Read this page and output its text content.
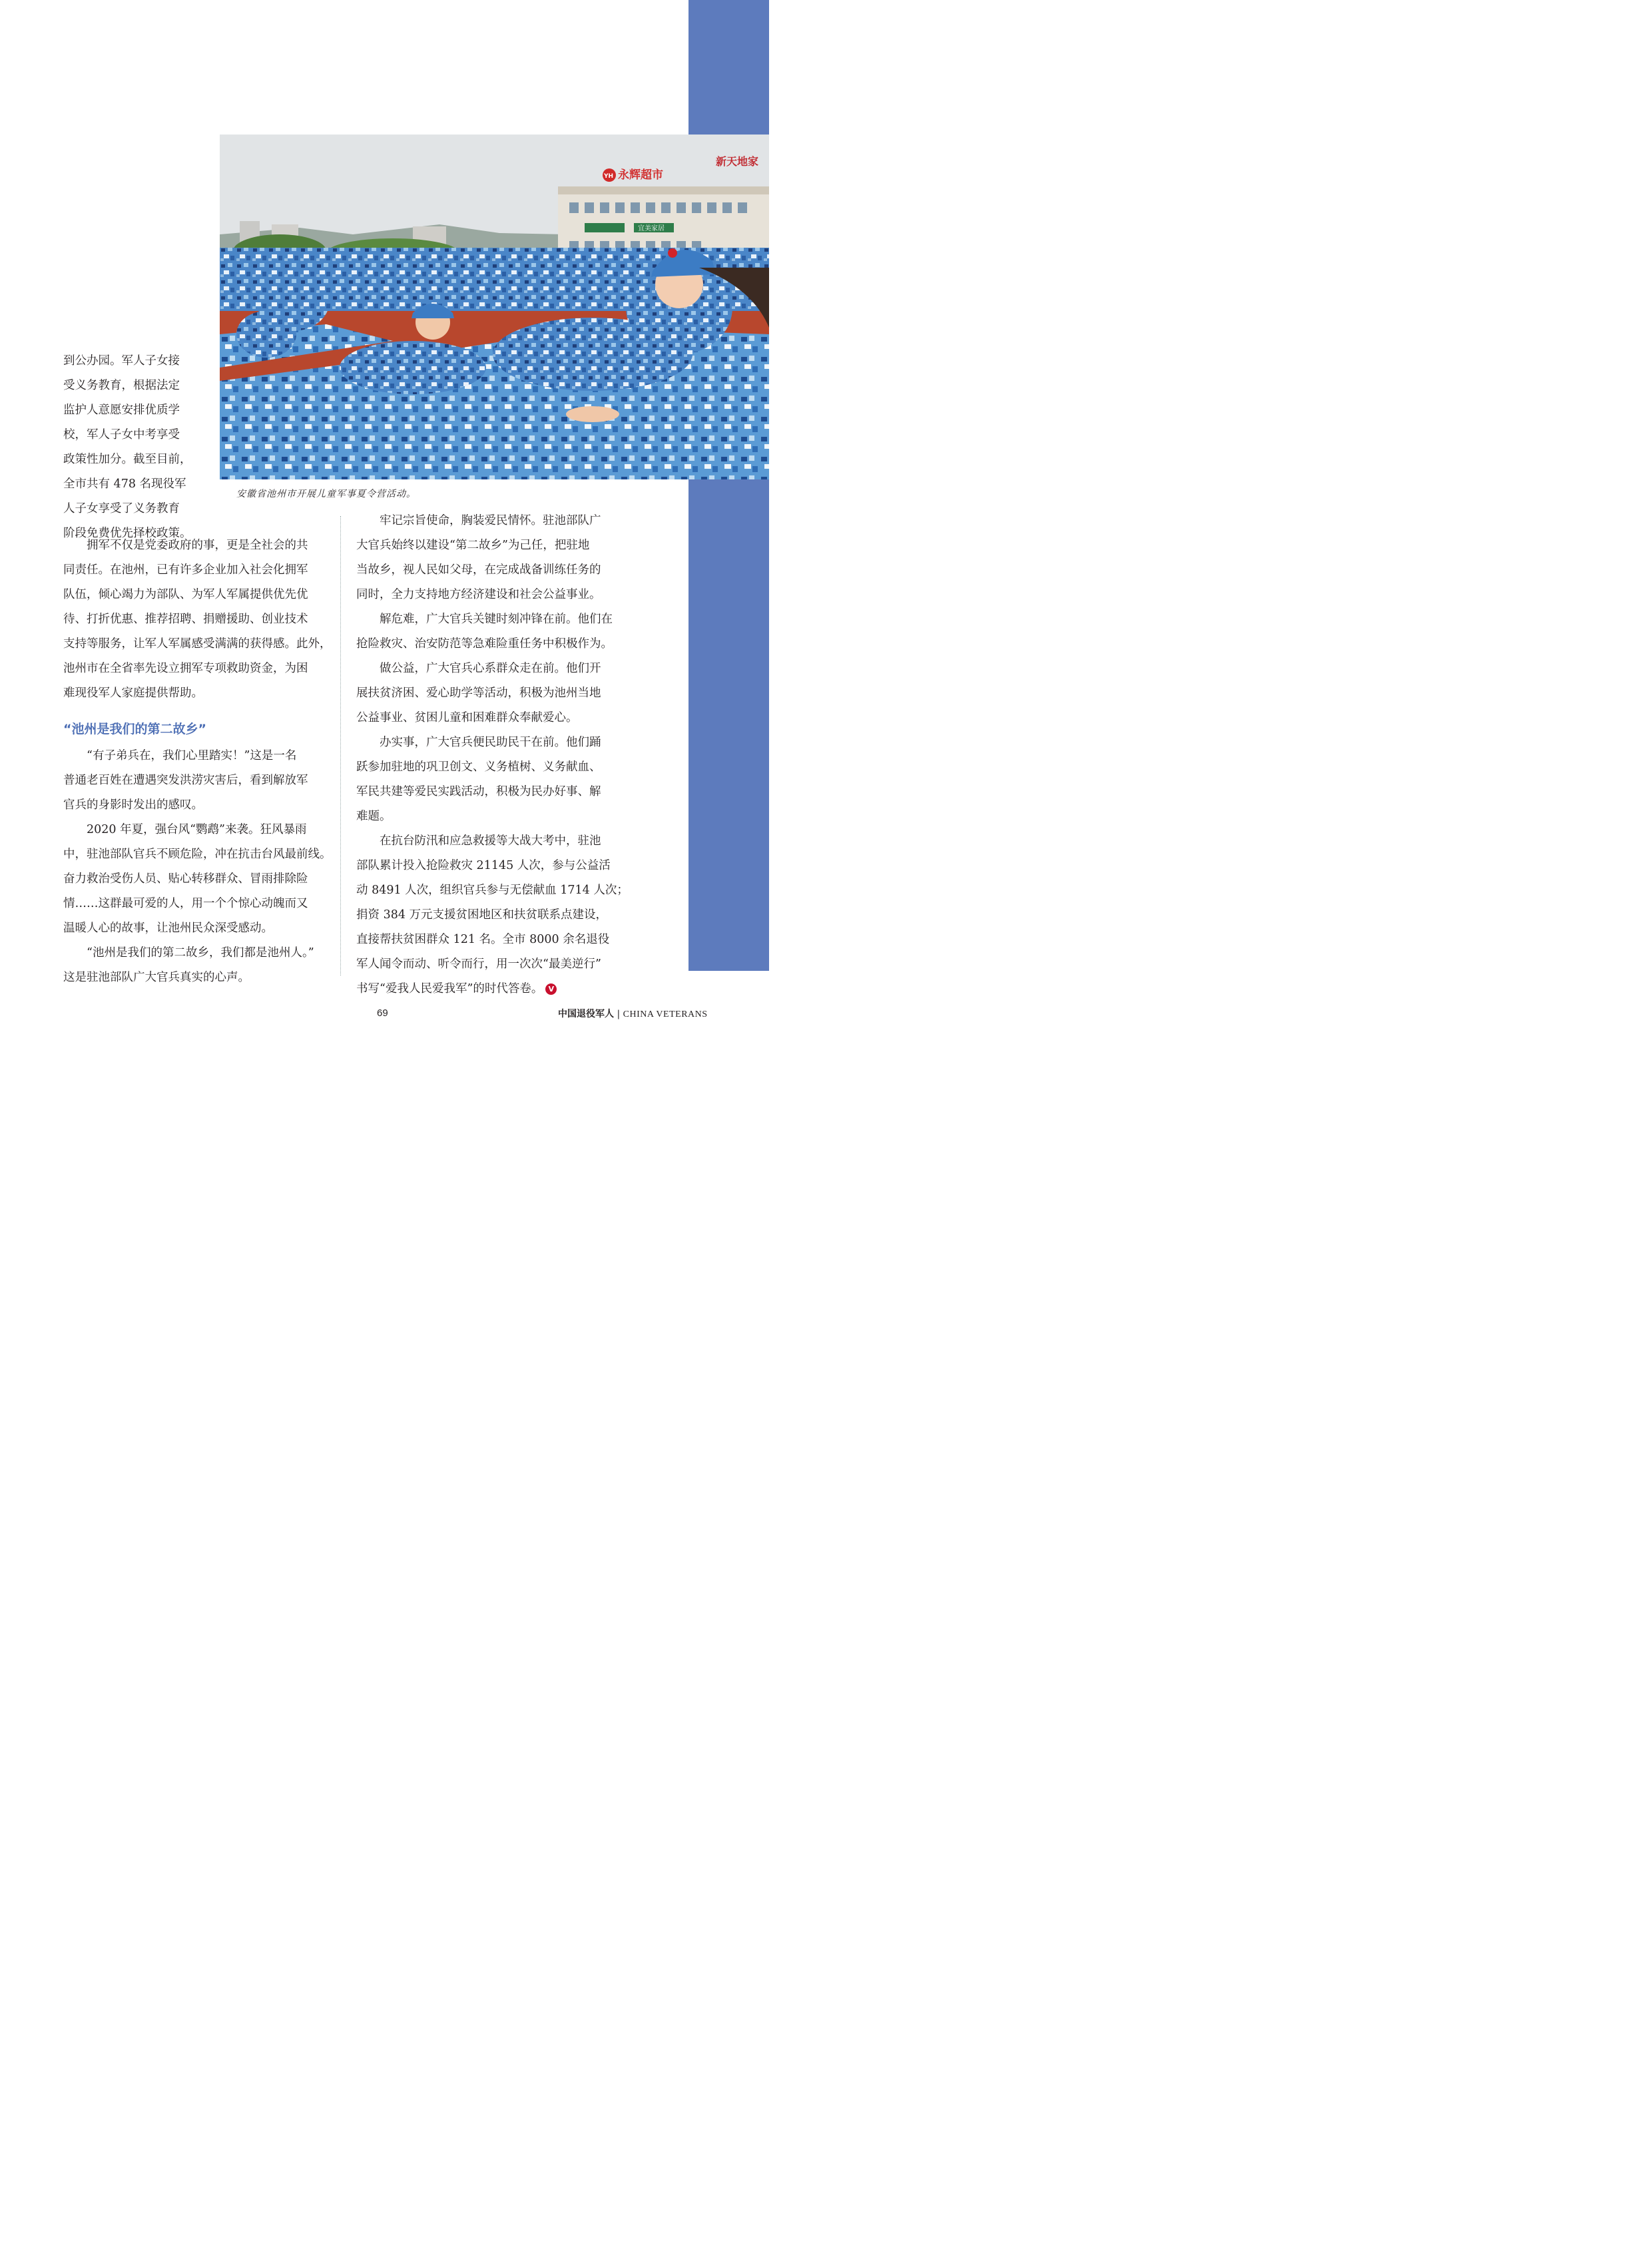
永辉超市
YH
新天地家
宜美家居
安徽省池州市开展儿童军事夏令营活动。
到公办园。军人子女接
受义务教育，根据法定
监护人意愿安排优质学
校，军人子女中考享受
政策性加分。截至目前，
全市共有 478 名现役军
人子女享受了义务教育
阶段免费优先择校政策。
　　拥军不仅是党委政府的事，更是全社会的共
同责任。在池州，已有许多企业加入社会化拥军
队伍，倾心竭力为部队、为军人军属提供优先优
待、打折优惠、推荐招聘、捐赠援助、创业技术
支持等服务，让军人军属感受满满的获得感。此外，
池州市在全省率先设立拥军专项救助资金，为困
难现役军人家庭提供帮助。
“池州是我们的第二故乡”
　　“有子弟兵在，我们心里踏实！”这是一名
普通老百姓在遭遇突发洪涝灾害后，看到解放军
官兵的身影时发出的感叹。
　　2020 年夏，强台风“鹦鹉”来袭。狂风暴雨
中，驻池部队官兵不顾危险，冲在抗击台风最前线。
奋力救治受伤人员、贴心转移群众、冒雨排除险
情……这群最可爱的人，用一个个惊心动魄而又
温暖人心的故事，让池州民众深受感动。
　　“池州是我们的第二故乡，我们都是池州人。”
这是驻池部队广大官兵真实的心声。
　　牢记宗旨使命，胸装爱民情怀。驻池部队广
大官兵始终以建设“第二故乡”为己任，把驻地
当故乡，视人民如父母，在完成战备训练任务的
同时，全力支持地方经济建设和社会公益事业。
　　解危难，广大官兵关键时刻冲锋在前。他们在
抢险救灾、治安防范等急难险重任务中积极作为。
　　做公益，广大官兵心系群众走在前。他们开
展扶贫济困、爱心助学等活动，积极为池州当地
公益事业、贫困儿童和困难群众奉献爱心。
　　办实事，广大官兵便民助民干在前。他们踊
跃参加驻地的巩卫创文、义务植树、义务献血、
军民共建等爱民实践活动，积极为民办好事、解
难题。
　　在抗台防汛和应急救援等大战大考中，驻池
部队累计投入抢险救灾 21145 人次，参与公益活
动 8491 人次，组织官兵参与无偿献血 1714 人次；
捐资 384 万元支援贫困地区和扶贫联系点建设，
直接帮扶贫困群众 121 名。全市 8000 余名退役
军人闻令而动、听令而行，用一次次“最美逆行”
书写“爱我人民爱我军”的时代答卷。 V
69	中国退役军人 | CHINA VETERANS
